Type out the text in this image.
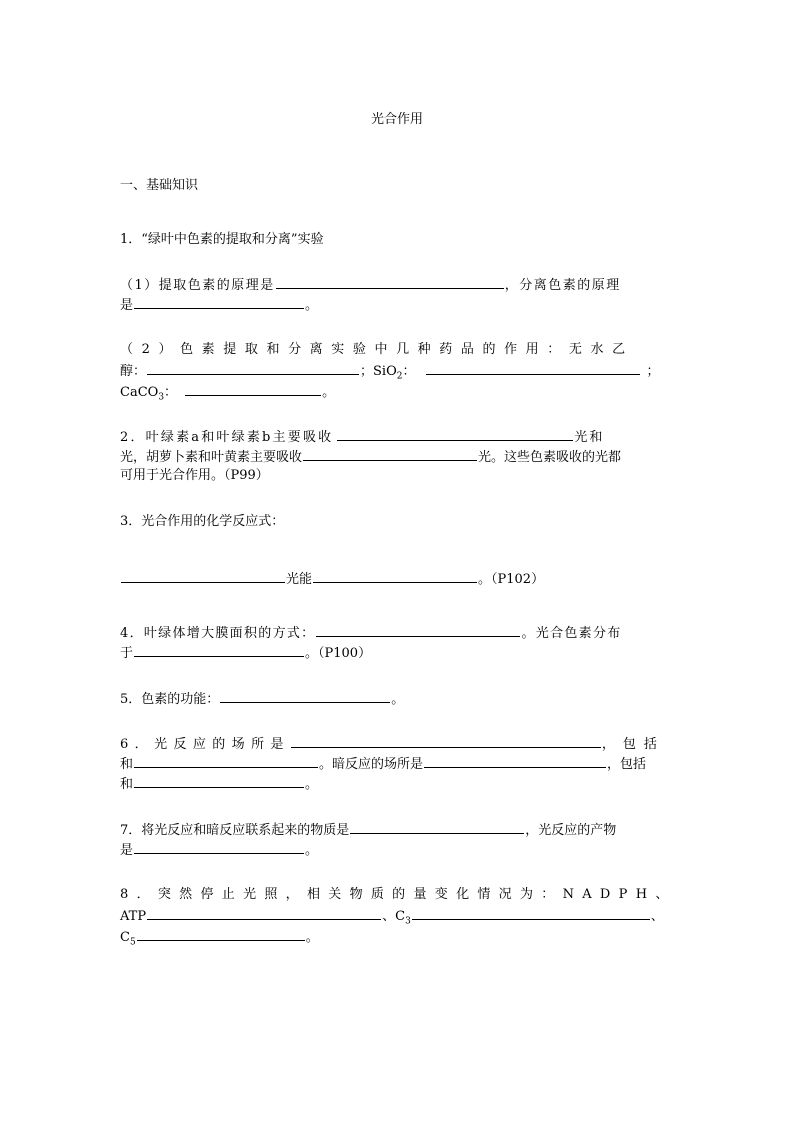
光合作用
一、基础知识
1．“绿叶中色素的提取和分离”实验
（1）提取色素的原理是	，分离色素的原理
是	。
（2）色素提取和分离实验中几种药品的作用：无水乙
醇：	；SiO$_2$：	；
CaCO$_3$：	。
2．叶绿素a和叶绿素b主要吸收	光和
光，胡萝卜素和叶黄素主要吸收	光。这些色素吸收的光都
可用于光合作用。（P99）
3．光合作用的化学反应式：
光能	。（P102）
4．叶绿体增大膜面积的方式：	。光合色素分布
于	。（P100）
5．色素的功能：	。
6．光反应的场所是	，包括
和	。暗反应的场所是	，包括
和	。
7．将光反应和暗反应联系起来的物质是	，光反应的产物
是	。
8．突然停止光照，相关物质的量变化情况为：NADPH、
ATP	、$C_3$	、
$C_5$	。
